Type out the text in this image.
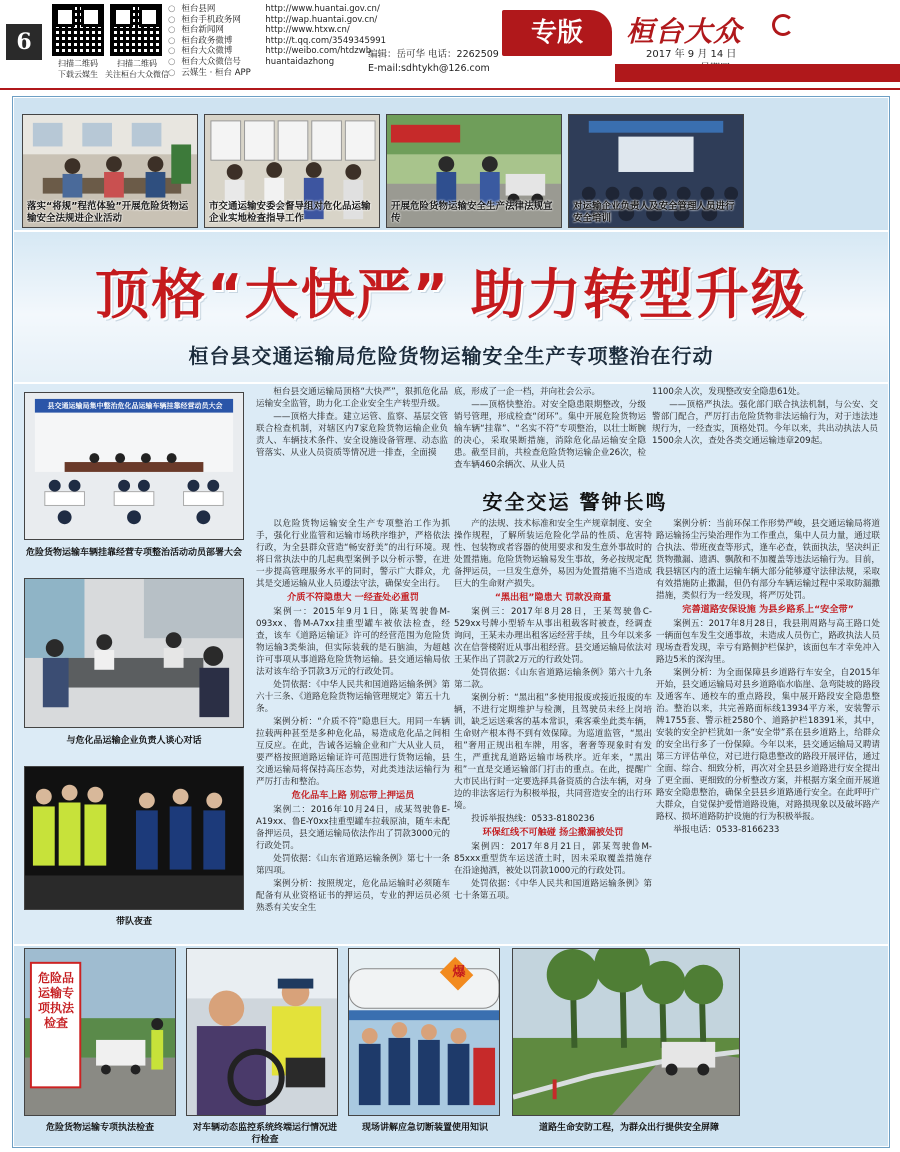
6
扫描二维码
下载云媒生
扫描二维码
关注桓台大众微信
○ 桓台县网	http://www.huantai.gov.cn/
○ 桓台手机政务网	http://wap.huantai.gov.cn/
○ 桓台新闻网	http://www.htxw.cn/
○ 桓台政务微博	http://t.qq.com/3549345991
○ 桓台大众微博	http://weibo.com/htdzwb
○ 桓台大众微信号	huantaidazhong
○ 云媒生 · 桓台 APP
编辑：岳可华 电话：2262509
E-mail:sdhtykh@126.com
专版	桓台大众
2017 年 9 月 14 日

落实“将规”程范体验”开展危险货物运输安全法规进企业活动
市交通运输安委会督导组对危化品运输企业实地检查指导工作
开展危险货物运输安全生产法律法规宣传
对运输企业负责人及安全管理人员进行安全培训
顶格“大快严” 助力转型升级
桓台县交通运输局危险货物运输安全生产专项整治在行动
县交通运输局集中整治危化品运输车辆挂靠经营动员大会
危险货物运输车辆挂靠经营专项整治活动动员部署大会
与危化品运输企业负责人谈心对话
带队夜查

桓台县交通运输局顶格“大快严”，狠抓危化品运输安全监管，助力化工企业安全生产转型升级。

——顶格大排查。建立运管、监察、基层交管联合检查机制，对辖区内7家危险货物运输企业负责人、车辆技术条件、安全设施设备管理、动态监管落实、从业人员资质等情况进一排查，全面摸

底，形成了一企一档，并向社会公示。

——顶格快整治。对安全隐患限期整改，分级销号管理，形成检查“闭环”。集中开展危险货物运输车辆“挂靠”、“名实不符”专项整治，以壮士断腕的决心，采取果断措施，消除危化品运输安全隐患。截至目前，共检查危险货物运输企业26次，检查车辆460余辆次、从业人员

1100余人次，发现整改安全隐患61处。

——顶格严执法。强化部门联合执法机制，与公安、交警部门配合，严厉打击危险货物非法运输行为，对于违法违规行为，一经查实，顶格处罚。今年以来，共出动执法人员1500余人次，查处各类交通运输违章209起。

安全交运 警钟长鸣

以危险货物运输安全生产专项整治工作为抓手，强化行业监管和运输市场秩序维护，严格依法行政，为全县群众营造“畅安舒美”的出行环境。现将日常执法中的几起典型案例予以分析示警，在进一步提高管理服务水平的同时，警示广大群众，尤其是交通运输从业人员遵法守法，确保安全出行。

介质不符隐患大 一经查处必重罚

案例一：2015年9月1日，陈某驾驶鲁M-093xx、鲁M-A7xx挂重型罐车被依法检查，经查，该车《道路运输证》许可的经营范围为危险货物运输3类柴油，但实际装载的是石脑油，为超越许可事项从事道路危险货物运输。县交通运输局依法对该车给予罚款3万元的行政处罚。

处罚依据：《中华人民共和国道路运输条例》第六十三条、《道路危险货物运输管理规定》第五十九条。

案例分析：“介质不符”隐患巨大。用同一车辆拉载两种甚至是多种危化品，易造成危化品之间相互反应。在此，告诫各运输企业和广大从业人员，要严格按照道路运输证许可范围进行货物运输，县交通运输局将保持高压态势，对此类违法运输行为严厉打击和整治。

危化品车上路 别忘带上押运员

案例二：2016年10月24日，成某驾驶鲁E-A19xx、鲁E-Y0xx挂重型罐车拉载原油，随车未配备押运员，县交通运输局依法作出了罚款3000元的行政处罚。

处罚依据：《山东省道路运输条例》第七十一条第四项。

案例分析：按照规定，危化品运输时必须随车配备有从业资格证书的押运员，专业的押运员必须熟悉有关安全生

产的法规、技术标准和安全生产规章制度、安全操作规程，了解所装运危险化学品的性质、危害特性、包装物或者容器的使用要求和发生意外事故时的处置措施。危险货物运输易发生事故，务必按规定配备押运员，一旦发生意外，易因为处置措施不当造成巨大的生命财产损失。

“黑出租”隐患大 罚款没商量

案例三：2017年8月28日，王某驾驶鲁C-529xx号牌小型轿车从事出租载客时被查，经调查询问，王某未办理出租客运经营手续，且今年以来多次在信誉楼附近从事出租经营。县交通运输局依法对王某作出了罚款2万元的行政处罚。

处罚依据：《山东省道路运输条例》第六十九条第二款。

案例分析：“黑出租”多使用报废或接近报废的车辆，不进行定期维护与检测，且驾驶员未经上岗培训，缺乏运送乘客的基本常识，乘客乘坐此类车辆，生命财产根本得不到有效保障。为巡道监管，“黑出租”奢用正规出租车牌，用客，奢奢等现象时有发生，严重扰乱道路运输市场秩序。近年来，“黑出租”一直是交通运输部门打击的重点。在此，提醒广大市民出行时一定要选择具备资质的合法车辆，对身边的非法客运行为积极举报，共同营造安全的出行环境。

投诉举报热线：0533-8180236

环保红线不可触碰 扬尘撒漏被处罚

案例四：2017年8月21日，郭某驾驶鲁M-85xxx重型货车运送渣土时，因未采取覆盖措施存在沿途抛洒，被处以罚款1000元的行政处罚。

处罚依据：《中华人民共和国道路运输条例》第七十条第五项。

案例分析：当前环保工作形势严峻，县交通运输局将道路运输扬尘污染治理作为工作重点，集中人员力量，通过联合执法、带班夜查等形式，逢车必查，铁面执法，坚决纠正货物撒漏、遗洒、飘散和不加覆盖等违法运输行为。目前，我县辖区内的渣土运输车辆大部分能够遵守法律法规，采取有效措施防止撒漏，但仍有部分车辆运输过程中采取防漏撒措施，类似行为一经发现，将严厉处罚。

完善道路安保设施 为县乡路系上“安全带”

案例五：2017年8月28日，我县荆周路与高王路口处一辆面包车发生交通事故，未造成人员伤亡，路政执法人员现场查看发现，幸亏有路侧护栏保护，该面包车才幸免冲入路边5米的深沟里。

案例分析：为全面保障县乡道路行车安全，自2015年开始，县交通运输局对县乡道路临水临崖、急弯陡坡的路段及通客车、通校车的重点路段，集中展开路段安全隐患整治。整治以来，共完善路面标线13934平方米，安装警示牌1755套、警示桩2580个、道路护栏18391米，其中，安装的安全护栏犹如一条“安全带”系在县乡道路上，给群众的安全出行多了一份保障。今年以来，县交通运输局又聘请第三方评估单位，对已进行隐患整改的路段开展评估，通过全面、综合、细致分析，再次对全县县乡道路进行安全提出了更全面、更细致的分析整改方案，并根据方案全面开展道路安全隐患整治，确保全县县乡道路通行安全。在此呼吁广大群众，自觉保护爱惜道路设施，对路损现象以及破坏路产路权、损坏道路防护设施的行为积极举报。

举报电话：0533-8166233

危险品运输专项执法检查
危险货物运输专项执法检查	对车辆动态监控系统终端运行情况进行检查
爆
现场讲解应急切断装置使用知识	道路生命安防工程，为群众出行提供安全屏障
